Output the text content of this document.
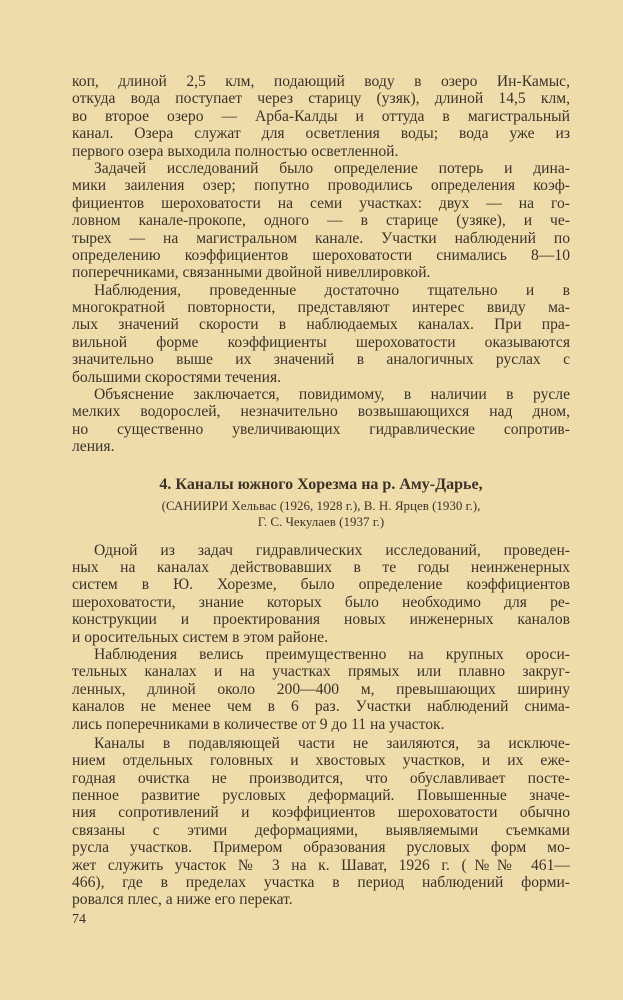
коп, длиной 2,5 клм, подающий воду в озеро Ин-Камыс,
откуда вода поступает через старицу (узяк), длиной 14,5 клм,
во второе озеро — Арба-Калды и оттуда в магистральный
канал. Озера служат для осветления воды; вода уже из
первого озера выходила полностью осветленной.
Задачей исследований было определение потерь и дина-
мики заиления озер; попутно проводились определения коэф-
фициентов шероховатости на семи участках: двух — на го-
ловном канале-прокопе, одного — в старице (узяке), и че-
тырех — на магистральном канале. Участки наблюдений по
определению коэффициентов шероховатости снимались 8—10
поперечниками, связанными двойной нивеллировкой.
Наблюдения, проведенные достаточно тщательно и в
многократной повторности, представляют интерес ввиду ма-
лых значений скорости в наблюдаемых каналах. При пра-
вильной форме коэффициенты шероховатости оказываются
значительно выше их значений в аналогичных руслах с
большими скоростями течения.
Объяснение заключается, повидимому, в наличии в русле
мелких водорослей, незначительно возвышающихся над дном,
но существенно увеличивающих гидравлические сопротив-
ления.
4. Каналы южного Хорезма на р. Аму-Дарье,
(САНИИРИ Хельвас (1926, 1928 г.), В. Н. Ярцев (1930 г.),
Г. С. Чекулаев (1937 г.)
Одной из задач гидравлических исследований, проведен-
ных на каналах действовавших в те годы неинженерных
систем в Ю. Хорезме, было определение коэффициентов
шероховатости, знание которых было необходимо для ре-
конструкции и проектирования новых инженерных каналов
и оросительных систем в этом районе.
Наблюдения велись преимущественно на крупных ороси-
тельных каналах и на участках прямых или плавно закруг-
ленных, длиной около 200—400 м, превышающих ширину
каналов не менее чем в 6 раз. Участки наблюдений снима-
лись поперечниками в количестве от 9 до 11 на участок.
Каналы в подавляющей части не заиляются, за исключе-
нием отдельных головных и хвостовых участков, и их еже-
годная очистка не производится, что обуславливает посте-
пенное развитие русловых деформаций. Повышенные значе-
ния сопротивлений и коэффициентов шероховатости обычно
связаны с этими деформациями, выявляемыми съемками
русла участков. Примером образования русловых форм мо-
жет служить участок № 3 на к. Шават, 1926 г. (№№ 461—
466), где в пределах участка в период наблюдений форми-
ровался плес, а ниже его перекат.
74
